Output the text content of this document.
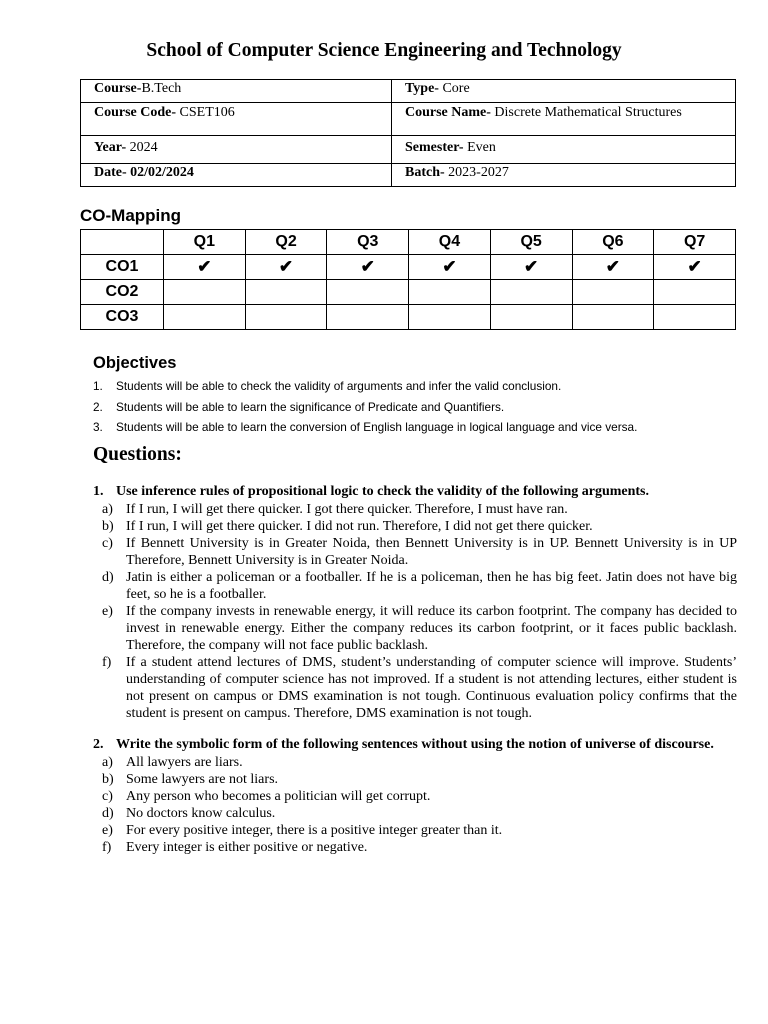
School of Computer Science Engineering and Technology
Course-B.Tech	Type- Core

Course Code- CSET106	Course Name- Discrete Mathematical Structures

Year- 2024	Semester- Even

Date- 02/02/2024	Batch- 2023-2027
CO-Mapping
	Q1	Q2	Q3	Q4	Q5	Q6	Q7
CO1	✔	✔	✔	✔	✔	✔	✔
CO2							
CO3							
Objectives
1. Students will be able to check the validity of arguments and infer the valid conclusion.
2. Students will be able to learn the significance of Predicate and Quantifiers.
3. Students will be able to learn the conversion of English language in logical language and vice versa.
Questions:
1. Use inference rules of propositional logic to check the validity of the following arguments.
a) If I run, I will get there quicker. I got there quicker. Therefore, I must have ran.
b) If I run, I will get there quicker. I did not run. Therefore, I did not get there quicker.
c) If Bennett University is in Greater Noida, then Bennett University is in UP. Bennett University is in UP Therefore, Bennett University is in Greater Noida.
d) Jatin is either a policeman or a footballer. If he is a policeman, then he has big feet. Jatin does not have big feet, so he is a footballer.
e) If the company invests in renewable energy, it will reduce its carbon footprint. The company has decided to invest in renewable energy. Either the company reduces its carbon footprint, or it faces public backlash. Therefore, the company will not face public backlash.
f)	If a student attend lectures of DMS, student’s understanding of computer science will improve. Students’ understanding of computer science has not improved. If a student is not attending lectures, either student is not present on campus or DMS examination is not tough. Continuous evaluation policy confirms that the student is present on campus. Therefore, DMS examination is not tough.
2. Write the symbolic form of the following sentences without using the notion of universe of discourse.
a) All lawyers are liars.
b) Some lawyers are not liars.
c) Any person who becomes a politician will get corrupt.
d) No doctors know calculus.
e) For every positive integer, there is a positive integer greater than it.
f)	Every integer is either positive or negative.
